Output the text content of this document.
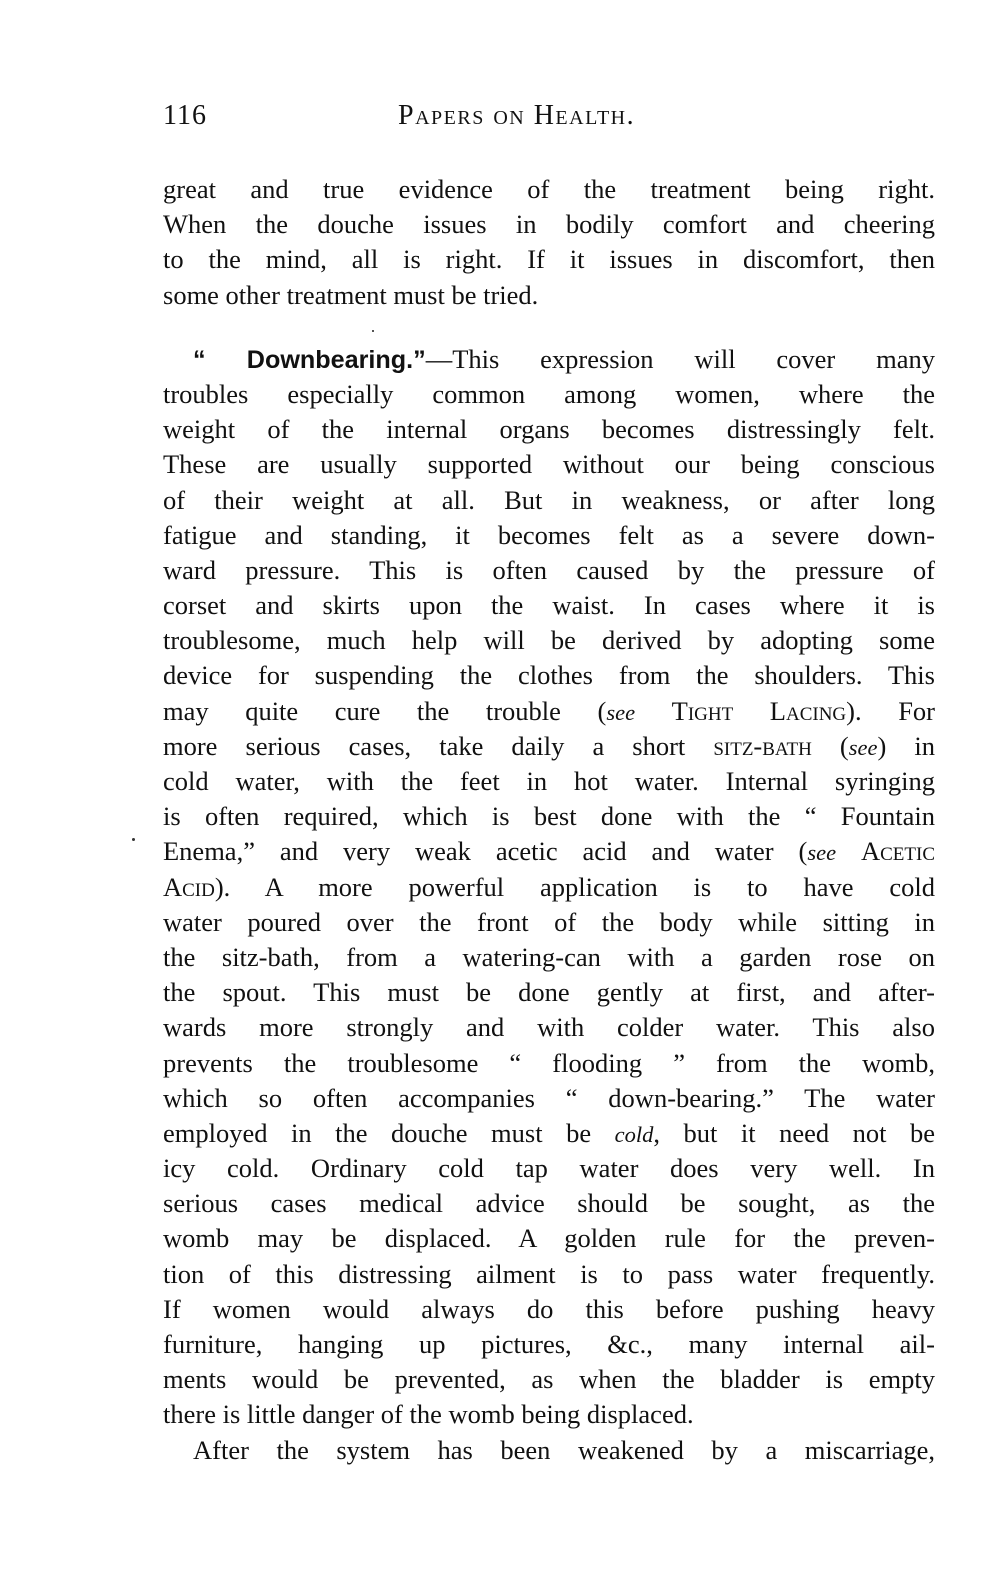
116	Papers on Health.
great and true evidence of the treatment being right.
When the douche issues in bodily comfort and cheering
to the mind, all is right. If it issues in discomfort, then
some other treatment must be tried.
“ Downbearing.”—This expression will cover many
troubles especially common among women, where the
weight of the internal organs becomes distressingly felt.
These are usually supported without our being conscious
of their weight at all. But in weakness, or after long
fatigue and standing, it becomes felt as a severe down-
ward pressure. This is often caused by the pressure of
corset and skirts upon the waist. In cases where it is
troublesome, much help will be derived by adopting some
device for suspending the clothes from the shoulders. This
may quite cure the trouble (see Tight Lacing). For
more serious cases, take daily a short sitz-bath (see) in
cold water, with the feet in hot water. Internal syringing
is often required, which is best done with the “ Fountain
Enema,” and very weak acetic acid and water (see Acetic
Acid). A more powerful application is to have cold
water poured over the front of the body while sitting in
the sitz-bath, from a watering-can with a garden rose on
the spout. This must be done gently at first, and after-
wards more strongly and with colder water. This also
prevents the troublesome “ flooding ” from the womb,
which so often accompanies “ down-bearing.” The water
employed in the douche must be cold, but it need not be
icy cold. Ordinary cold tap water does very well. In
serious cases medical advice should be sought, as the
womb may be displaced. A golden rule for the preven-
tion of this distressing ailment is to pass water frequently.
If women would always do this before pushing heavy
furniture, hanging up pictures, &c., many internal ail-
ments would be prevented, as when the bladder is empty
there is little danger of the womb being displaced.
After the system has been weakened by a miscarriage,
